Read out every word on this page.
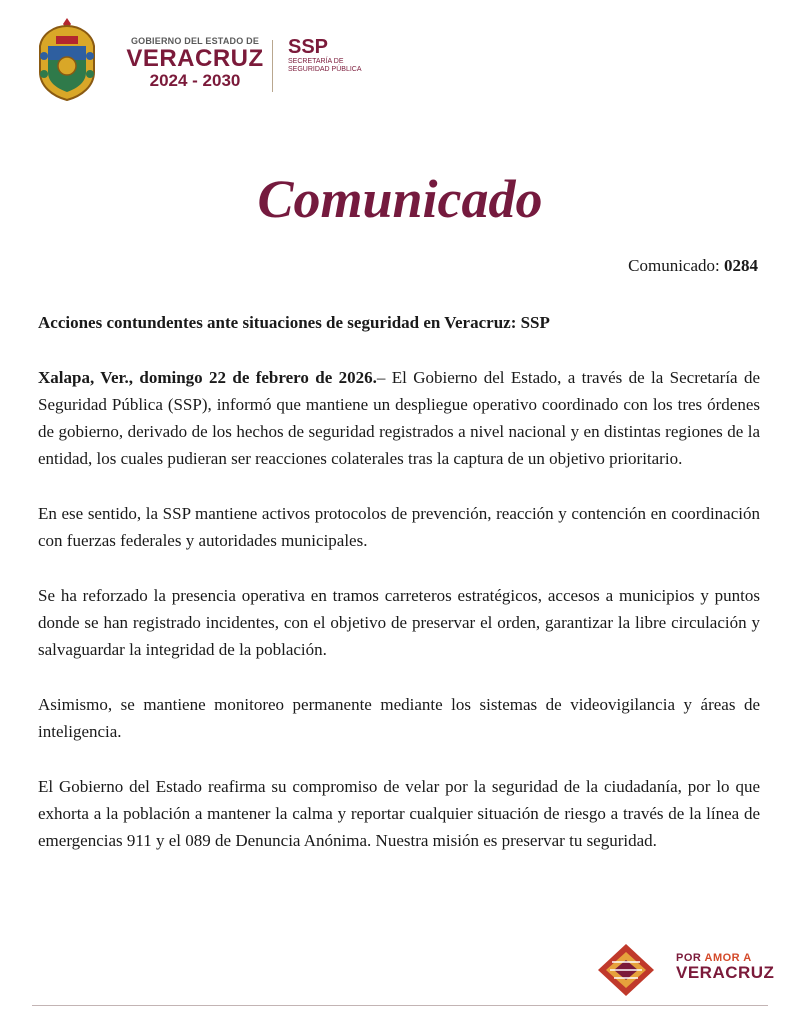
GOBIERNO DEL ESTADO DE
VERACRUZ
2024 - 2030
SSP
SECRETARÍA DE
SEGURIDAD PÚBLICA
Comunicado
Comunicado: 0284
Acciones contundentes ante situaciones de seguridad en Veracruz: SSP

Xalapa, Ver., domingo 22 de febrero de 2026.– El Gobierno del Estado, a través de la Secretaría de Seguridad Pública (SSP), informó que mantiene un despliegue operativo coordinado con los tres órdenes de gobierno, derivado de los hechos de seguridad registrados a nivel nacional y en distintas regiones de la entidad, los cuales pudieran ser reacciones colaterales tras la captura de un objetivo prioritario.

En ese sentido, la SSP mantiene activos protocolos de prevención, reacción y contención en coordinación con fuerzas federales y autoridades municipales.

Se ha reforzado la presencia operativa en tramos carreteros estratégicos, accesos a municipios y puntos donde se han registrado incidentes, con el objetivo de preservar el orden, garantizar la libre circulación y salvaguardar la integridad de la población.

Asimismo, se mantiene monitoreo permanente mediante los sistemas de videovigilancia y áreas de inteligencia.

El Gobierno del Estado reafirma su compromiso de velar por la seguridad de la ciudadanía, por lo que exhorta a la población a mantener la calma y reportar cualquier situación de riesgo a través de la línea de emergencias 911 y el 089 de Denuncia Anónima. Nuestra misión es preservar tu seguridad.

POR AMOR A
VERACRUZ
